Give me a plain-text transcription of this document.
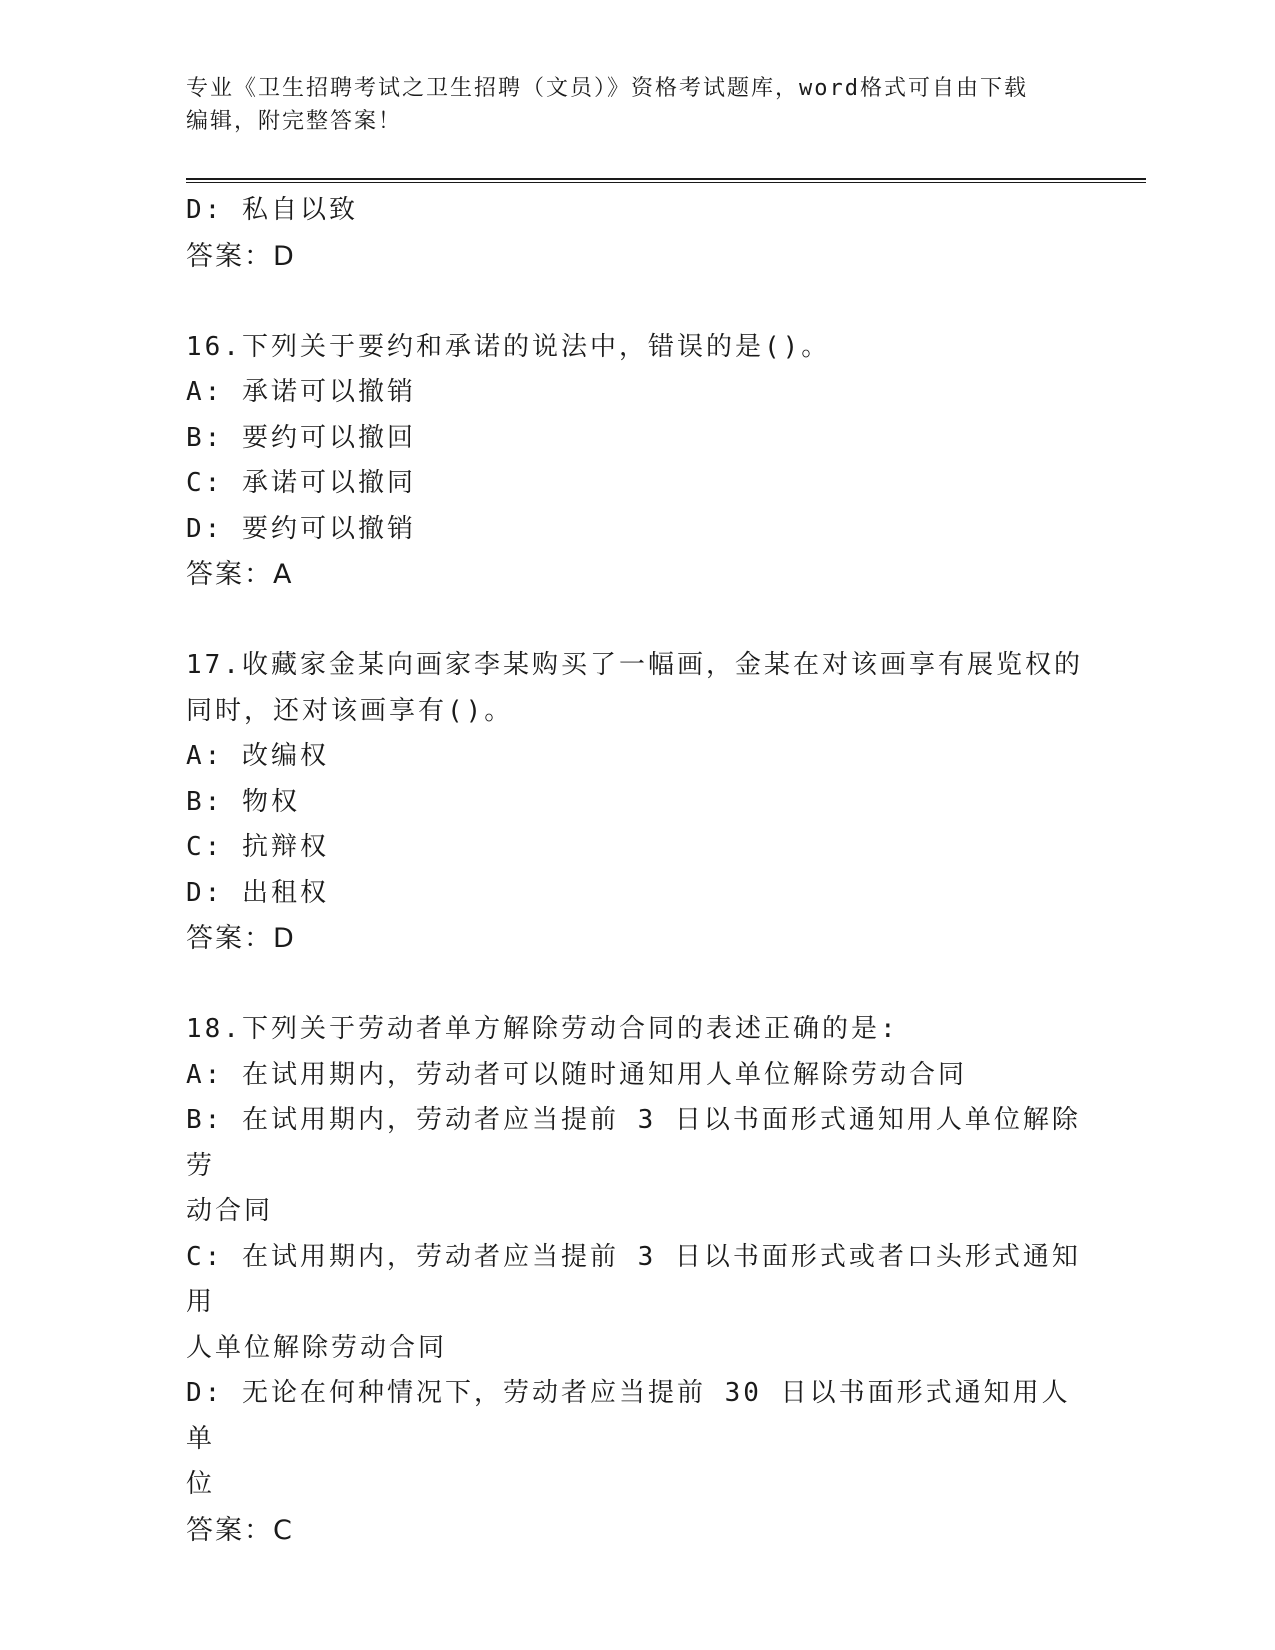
专业《卫生招聘考试之卫生招聘（文员）》资格考试题库，word格式可自由下载
编辑，附完整答案！
D: 私自以致
答案：D
16.下列关于要约和承诺的说法中，错误的是()。
A: 承诺可以撤销
B: 要约可以撤回
C: 承诺可以撤同
D: 要约可以撤销
答案：A
17.收藏家金某向画家李某购买了一幅画，金某在对该画享有展览权的
同时，还对该画享有()。
A: 改编权
B: 物权
C: 抗辩权
D: 出租权
答案：D
18.下列关于劳动者单方解除劳动合同的表述正确的是:
A: 在试用期内，劳动者可以随时通知用人单位解除劳动合同
B: 在试用期内，劳动者应当提前 3 日以书面形式通知用人单位解除劳
动合同
C: 在试用期内，劳动者应当提前 3 日以书面形式或者口头形式通知用
人单位解除劳动合同
D: 无论在何种情况下，劳动者应当提前 30 日以书面形式通知用人单
位
答案：C
